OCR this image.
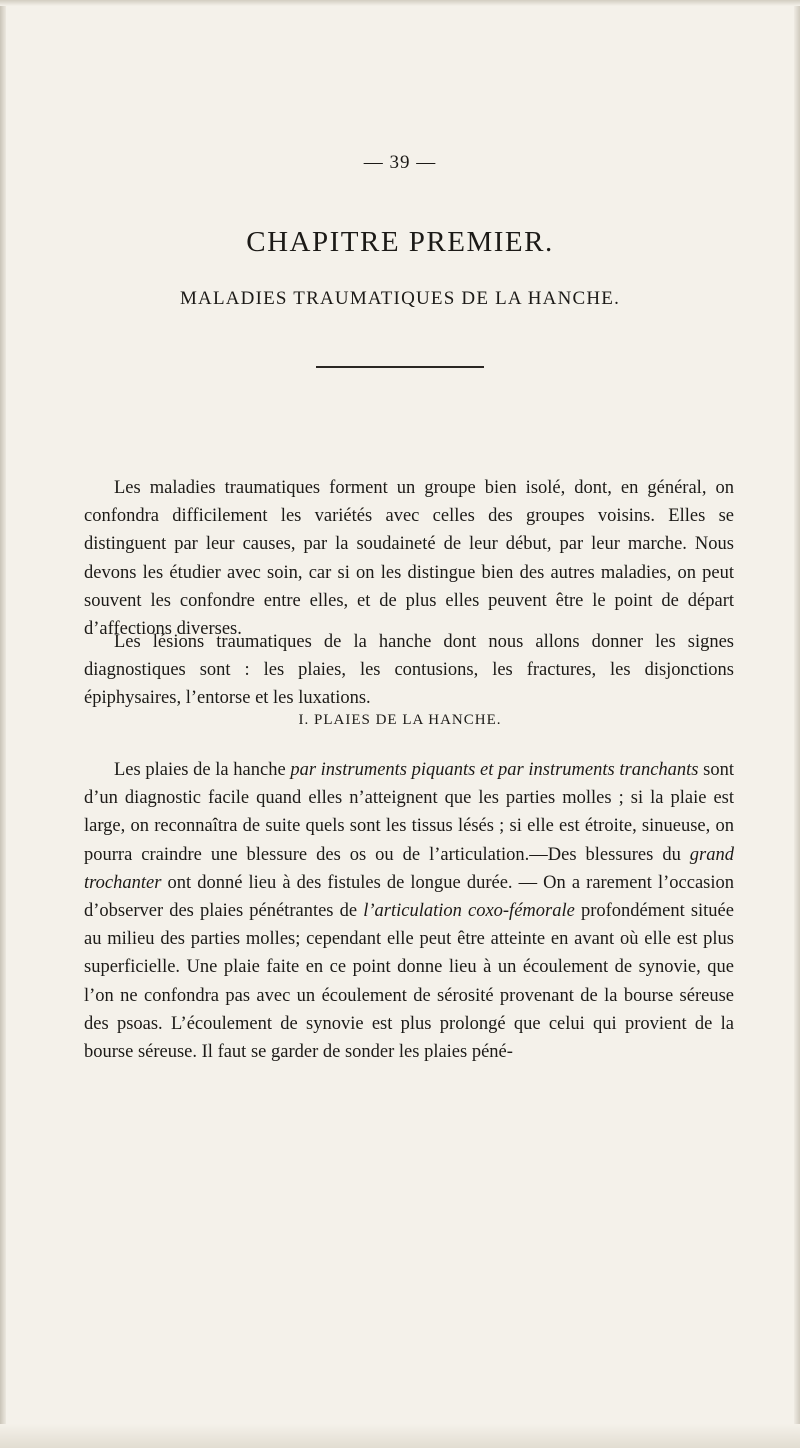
— 39 —
CHAPITRE PREMIER.
MALADIES TRAUMATIQUES DE LA HANCHE.

Les maladies traumatiques forment un groupe bien isolé, dont, en général, on confondra difficilement les variétés avec celles des groupes voisins. Elles se distinguent par leur causes, par la soudaineté de leur début, par leur marche. Nous devons les étudier avec soin, car si on les distingue bien des autres maladies, on peut souvent les confondre entre elles, et de plus elles peuvent être le point de départ d’affections diverses.

Les lésions traumatiques de la hanche dont nous allons donner les signes diagnostiques sont : les plaies, les contusions, les fractures, les disjonctions épiphysaires, l’entorse et les luxations.

I. PLAIES DE LA HANCHE.

Les plaies de la hanche par instruments piquants et par instruments tranchants sont d’un diagnostic facile quand elles n’atteignent que les parties molles ; si la plaie est large, on reconnaîtra de suite quels sont les tissus lésés ; si elle est étroite, sinueuse, on pourra craindre une blessure des os ou de l’articulation.—Des blessures du grand trochanter ont donné lieu à des fistules de longue durée. — On a rarement l’occasion d’observer des plaies pénétrantes de l’articulation coxo-fémorale profondément située au milieu des parties molles; cependant elle peut être atteinte en avant où elle est plus superficielle. Une plaie faite en ce point donne lieu à un écoulement de synovie, que l’on ne confondra pas avec un écoulement de sérosité provenant de la bourse séreuse des psoas. L’écoulement de synovie est plus prolongé que celui qui provient de la bourse séreuse. Il faut se garder de sonder les plaies péné-
